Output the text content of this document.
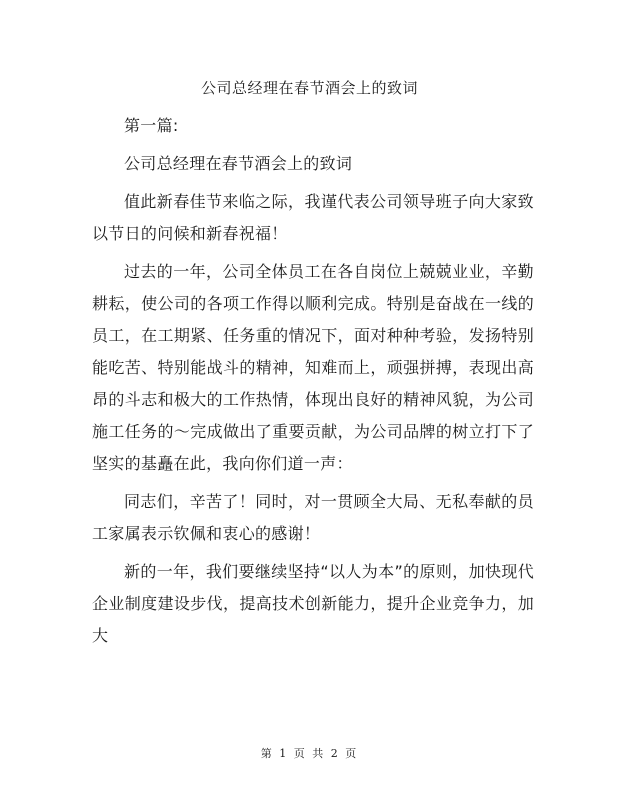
公司总经理在春节酒会上的致词

第一篇:

公司总经理在春节酒会上的致词

值此新春佳节来临之际，我谨代表公司领导班子向大家致以节日的问候和新春祝福！

过去的一年，公司全体员工在各自岗位上兢兢业业，辛勤耕耘，使公司的各项工作得以顺利完成。特别是奋战在一线的员工，在工期紧、任务重的情况下，面对种种考验，发扬特别能吃苦、特别能战斗的精神，知难而上，顽强拼搏，表现出高昂的斗志和极大的工作热情，体现出良好的精神风貌，为公司施工任务的～完成做出了重要贡献，为公司品牌的树立打下了坚实的基矗在此，我向你们道一声：

同志们，辛苦了！同时，对一贯顾全大局、无私奉献的员工家属表示钦佩和衷心的感谢！

新的一年，我们要继续坚持“以人为本”的原则，加快现代企业制度建设步伐，提高技术创新能力，提升企业竞争力，加大

第 1 页 共 2 页
